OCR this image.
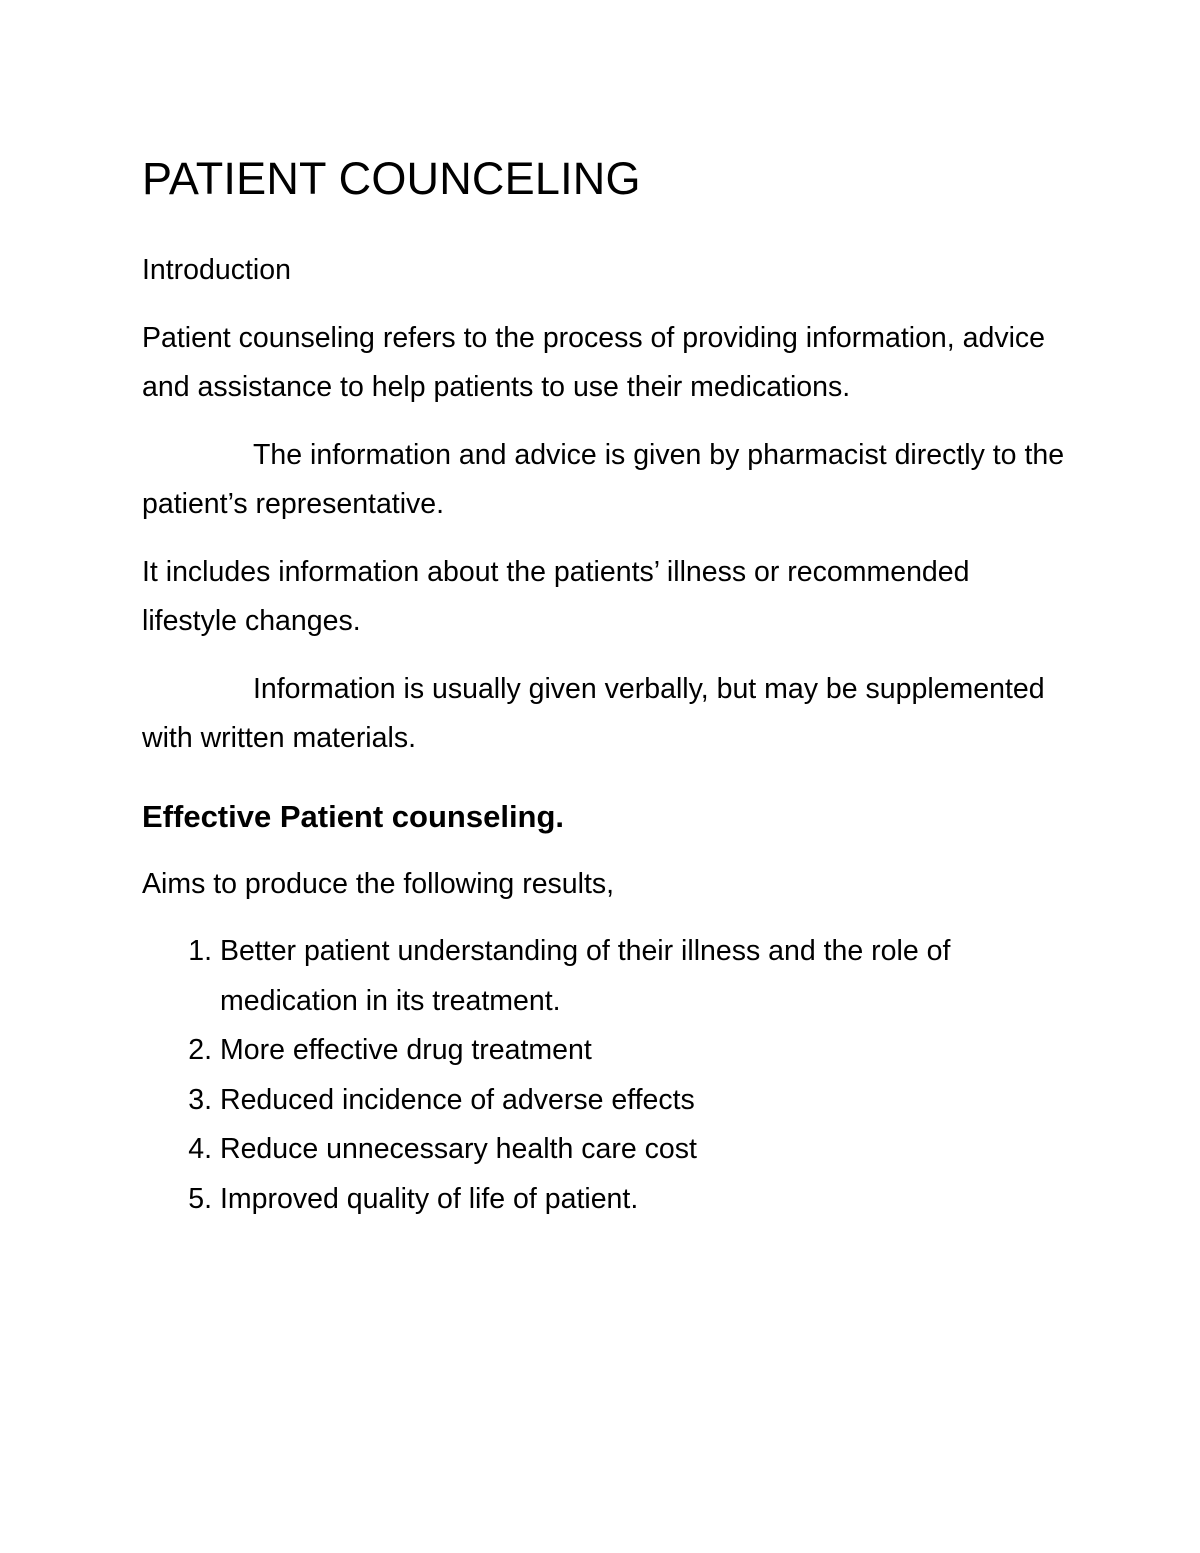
PATIENT COUNCELING

Introduction

Patient counseling refers to the process of providing information, advice and assistance to help patients to use their medications.

The information and advice is given by pharmacist directly to the patient’s representative.

It includes information about the patients’ illness or recommended lifestyle changes.

Information is usually given verbally, but may be supplemented with written materials.

Effective Patient counseling.

Aims to produce the following results,

1. Better patient understanding of their illness and the role of medication in its treatment.
2. More effective drug treatment
3. Reduced incidence of adverse effects
4. Reduce unnecessary health care cost
5. Improved quality of life of patient.
